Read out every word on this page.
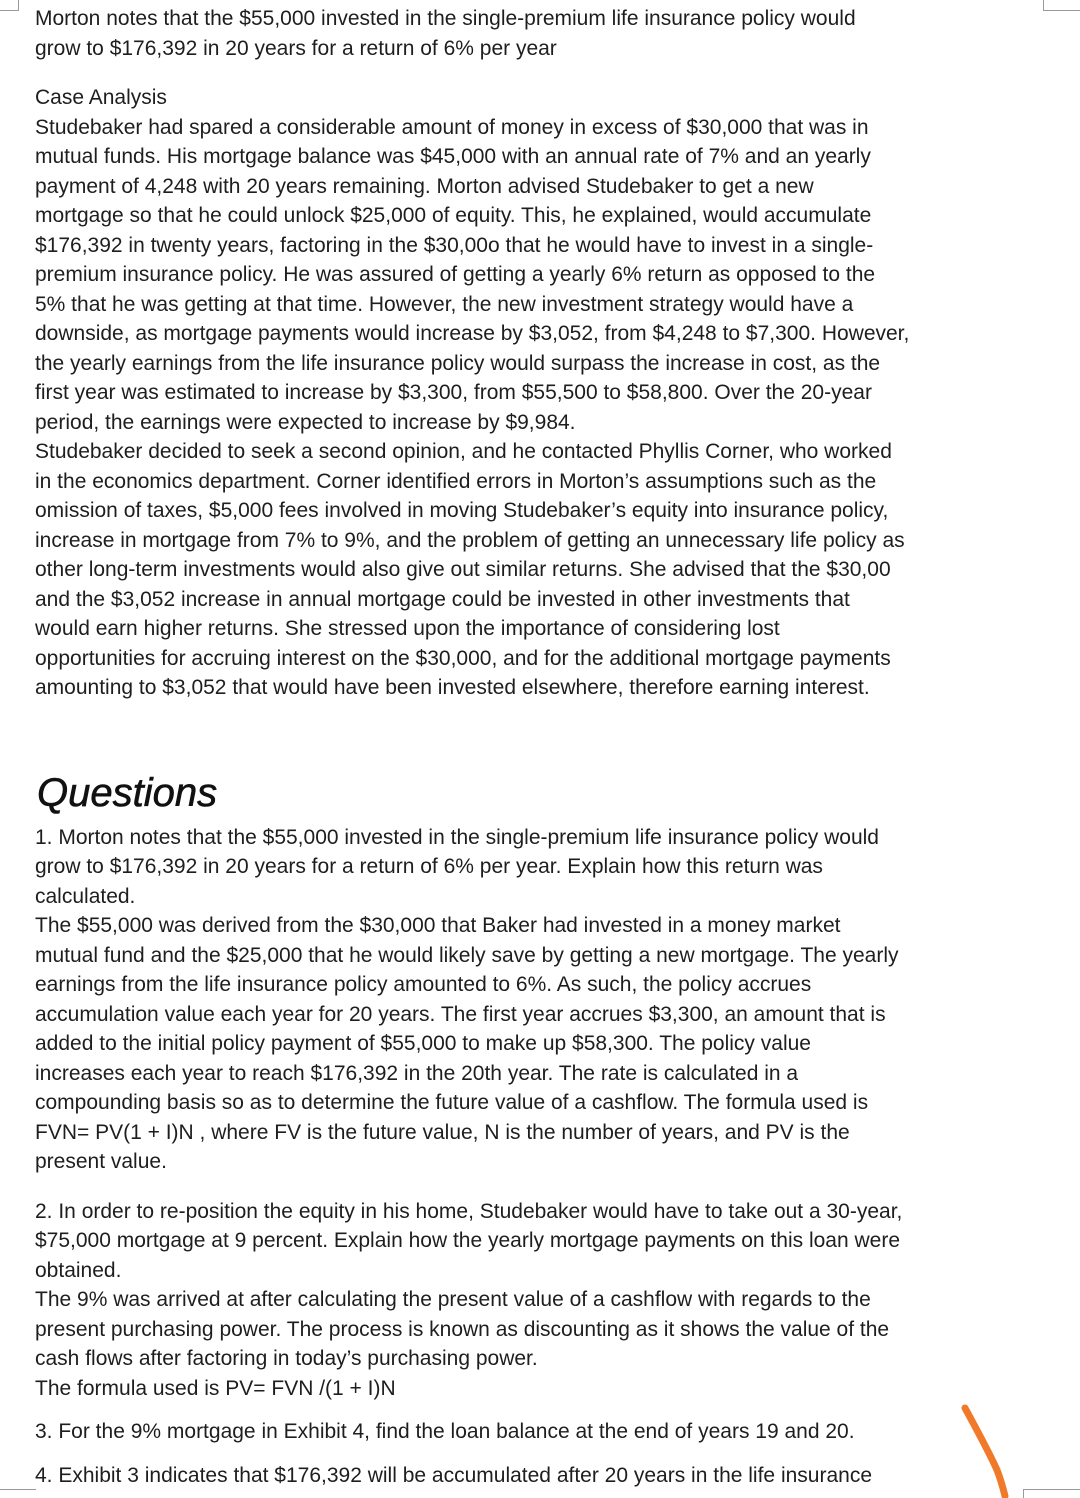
Morton notes that the $55,000 invested in the single-premium life insurance policy would
grow to $176,392 in 20 years for a return of 6% per year

Case Analysis

Studebaker had spared a considerable amount of money in excess of $30,000 that was in
mutual funds. His mortgage balance was $45,000 with an annual rate of 7% and an yearly
payment of 4,248 with 20 years remaining. Morton advised Studebaker to get a new
mortgage so that he could unlock $25,000 of equity. This, he explained, would accumulate
$176,392 in twenty years, factoring in the $30,00o that he would have to invest in a single-
premium insurance policy. He was assured of getting a yearly 6% return as opposed to the
5% that he was getting at that time. However, the new investment strategy would have a
downside, as mortgage payments would increase by $3,052, from $4,248 to $7,300. However,
the yearly earnings from the life insurance policy would surpass the increase in cost, as the
first year was estimated to increase by $3,300, from $55,500 to $58,800. Over the 20-year
period, the earnings were expected to increase by $9,984.

Studebaker decided to seek a second opinion, and he contacted Phyllis Corner, who worked
in the economics department. Corner identified errors in Morton’s assumptions such as the
omission of taxes, $5,000 fees involved in moving Studebaker’s equity into insurance policy,
increase in mortgage from 7% to 9%, and the problem of getting an unnecessary life policy as
other long-term investments would also give out similar returns. She advised that the $30,00
and the $3,052 increase in annual mortgage could be invested in other investments that
would earn higher returns. She stressed upon the importance of considering lost
opportunities for accruing interest on the $30,000, and for the additional mortgage payments
amounting to $3,052 that would have been invested elsewhere, therefore earning interest.

Questions

1. Morton notes that the $55,000 invested in the single-premium life insurance policy would
grow to $176,392 in 20 years for a return of 6% per year. Explain how this return was
calculated.

The $55,000 was derived from the $30,000 that Baker had invested in a money market
mutual fund and the $25,000 that he would likely save by getting a new mortgage. The yearly
earnings from the life insurance policy amounted to 6%. As such, the policy accrues
accumulation value each year for 20 years. The first year accrues $3,300, an amount that is
added to the initial policy payment of $55,000 to make up $58,300. The policy value
increases each year to reach $176,392 in the 20th year. The rate is calculated in a
compounding basis so as to determine the future value of a cashflow. The formula used is
FVN= PV(1 + I)N , where FV is the future value, N is the number of years, and PV is the
present value.

2. In order to re-position the equity in his home, Studebaker would have to take out a 30-year,
$75,000 mortgage at 9 percent. Explain how the yearly mortgage payments on this loan were
obtained.

The 9% was arrived at after calculating the present value of a cashflow with regards to the
present purchasing power. The process is known as discounting as it shows the value of the
cash flows after factoring in today’s purchasing power.

The formula used is PV= FVN /(1 + I)N

3. For the 9% mortgage in Exhibit 4, find the loan balance at the end of years 19 and 20.

4. Exhibit 3 indicates that $176,392 will be accumulated after 20 years in the life insurance
